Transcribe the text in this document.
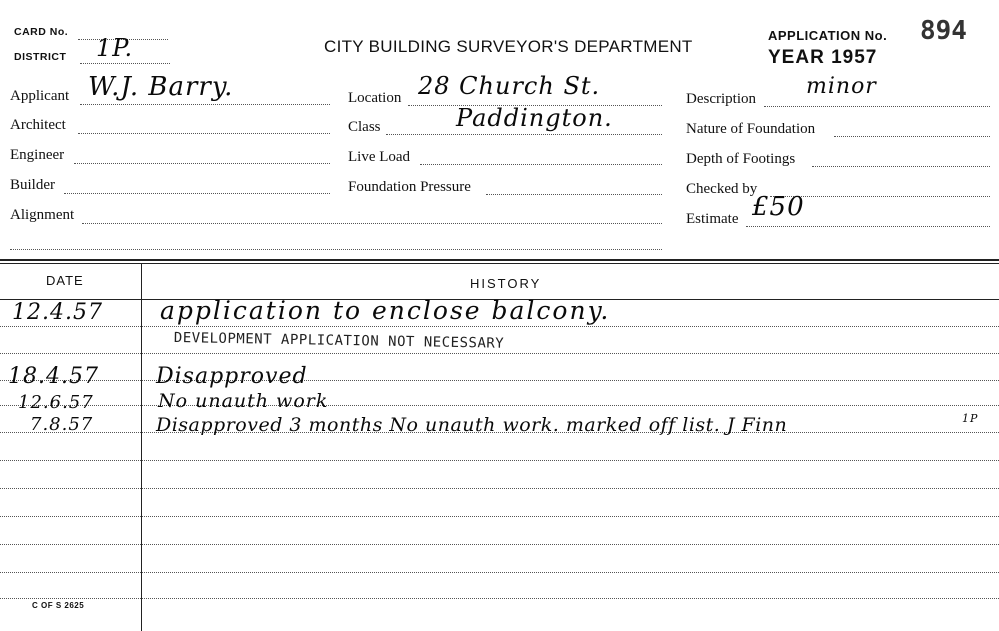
CARD No.
DISTRICT 1P.	CITY BUILDING SURVEYOR'S DEPARTMENT
APPLICATION No. 894
YEAR 1957
Applicant W.J. Barry.
Architect
Engineer
Builder
Alignment
Location 28 Church St.
Class	Paddington.
Live Load
Foundation Pressure
Description minor
Nature of Foundation
Depth of Footings
Checked by
Estimate £50
DATE	HISTORY
12.4.57 application to enclose balcony.
DEVELOPMENT APPLICATION NOT NECESSARY
18.4.57	Disapproved
12.6.57	No unauth work
7.8.57	Disapproved 3 months No unauth work. marked off list. J Finn	1P
C OF S 2625
